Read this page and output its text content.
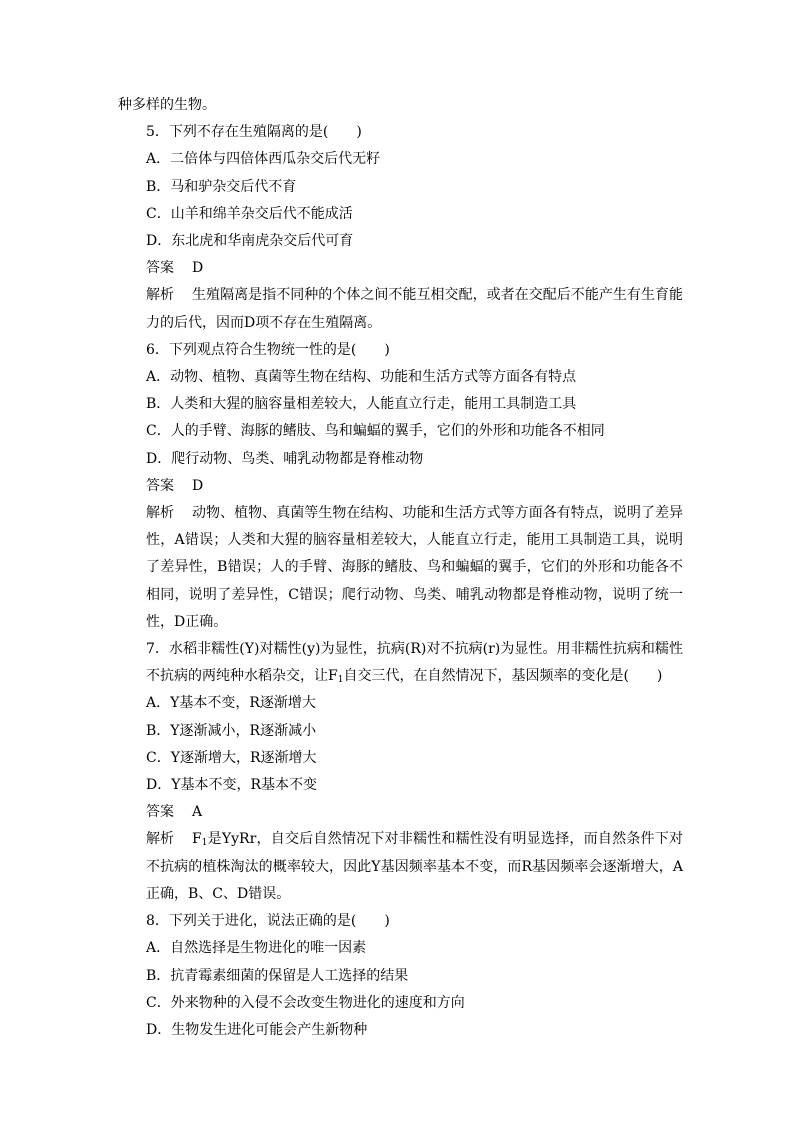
种多样的生物。
5．下列不存在生殖隔离的是(　　)
A．二倍体与四倍体西瓜杂交后代无籽
B．马和驴杂交后代不育
C．山羊和绵羊杂交后代不能成活
D．东北虎和华南虎杂交后代可育
答案 D
解析 生殖隔离是指不同种的个体之间不能互相交配，或者在交配后不能产生有生育能力的后代，因而D项不存在生殖隔离。
6．下列观点符合生物统一性的是(　　)
A．动物、植物、真菌等生物在结构、功能和生活方式等方面各有特点
B．人类和大猩的脑容量相差较大，人能直立行走，能用工具制造工具
C．人的手臂、海豚的鳍肢、鸟和蝙蝠的翼手，它们的外形和功能各不相同
D．爬行动物、鸟类、哺乳动物都是脊椎动物
答案 D
解析 动物、植物、真菌等生物在结构、功能和生活方式等方面各有特点，说明了差异性，A错误；人类和大猩的脑容量相差较大，人能直立行走，能用工具制造工具，说明了差异性，B错误；人的手臂、海豚的鳍肢、鸟和蝙蝠的翼手，它们的外形和功能各不相同，说明了差异性，C错误；爬行动物、鸟类、哺乳动物都是脊椎动物，说明了统一性，D正确。
7．水稻非糯性(Y)对糯性(y)为显性，抗病(R)对不抗病(r)为显性。用非糯性抗病和糯性不抗病的两纯种水稻杂交，让$F_1$自交三代，在自然情况下，基因频率的变化是(　　)
A．Y基本不变，R逐渐增大
B．Y逐渐减小，R逐渐减小
C．Y逐渐增大，R逐渐增大
D．Y基本不变，R基本不变
答案 A
解析 $F_1$是YyRr，自交后自然情况下对非糯性和糯性没有明显选择，而自然条件下对不抗病的植株淘汰的概率较大，因此Y基因频率基本不变，而R基因频率会逐渐增大，A正确，B、C、D错误。
8．下列关于进化，说法正确的是(　　)
A．自然选择是生物进化的唯一因素
B．抗青霉素细菌的保留是人工选择的结果
C．外来物种的入侵不会改变生物进化的速度和方向
D．生物发生进化可能会产生新物种
